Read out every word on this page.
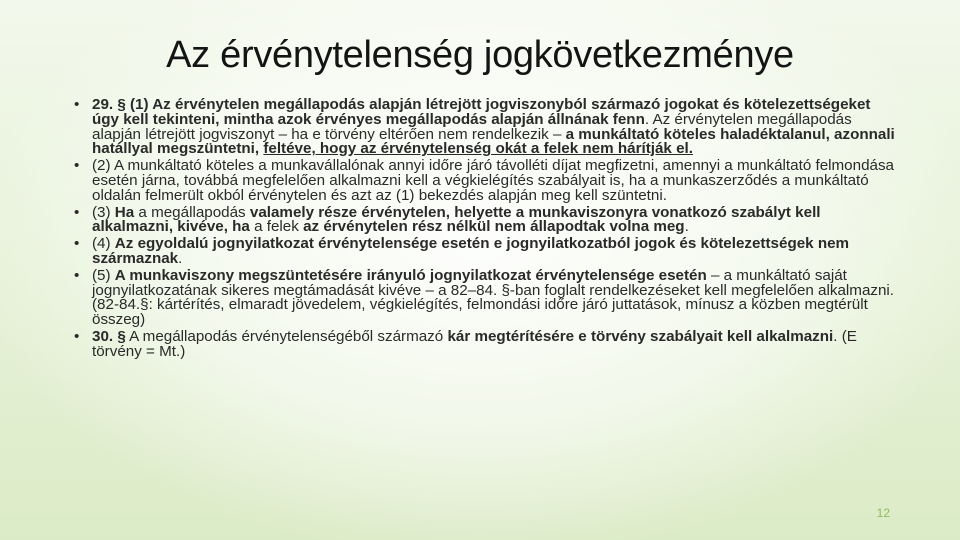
Az érvénytelenség jogkövetkezménye
• 29. § (1) Az érvénytelen megállapodás alapján létrejött jogviszonyból származó jogokat és kötelezettségeket úgy kell tekinteni, mintha azok érvényes megállapodás alapján állnának fenn. Az érvénytelen megállapodás alapján létrejött jogviszonyt – ha e törvény eltérően nem rendelkezik – a munkáltató köteles haladéktalanul, azonnali hatállyal megszüntetni, feltéve, hogy az érvénytelenség okát a felek nem hárítják el.
• (2) A munkáltató köteles a munkavállalónak annyi időre járó távolléti díjat megfizetni, amennyi a munkáltató felmondása esetén járna, továbbá megfelelően alkalmazni kell a végkielégítés szabályait is, ha a munkaszerződés a munkáltató oldalán felmerült okból érvénytelen és azt az (1) bekezdés alapján meg kell szüntetni.
• (3) Ha a megállapodás valamely része érvénytelen, helyette a munkaviszonyra vonatkozó szabályt kell alkalmazni, kivéve, ha a felek az érvénytelen rész nélkül nem állapodtak volna meg.
• (4) Az egyoldalú jognyilatkozat érvénytelensége esetén e jognyilatkozatból jogok és kötelezettségek nem származnak.
• (5) A munkaviszony megszüntetésére irányuló jognyilatkozat érvénytelensége esetén – a munkáltató saját jognyilatkozatának sikeres megtámadását kivéve – a 82–84. §-ban foglalt rendelkezéseket kell megfelelően alkalmazni. (82-84.§: kártérítés, elmaradt jövedelem, végkielégítés, felmondási időre járó juttatások, mínusz a közben megtérült összeg)
• 30. § A megállapodás érvénytelenségéből származó kár megtérítésére e törvény szabályait kell alkalmazni. (E törvény = Mt.)
12
